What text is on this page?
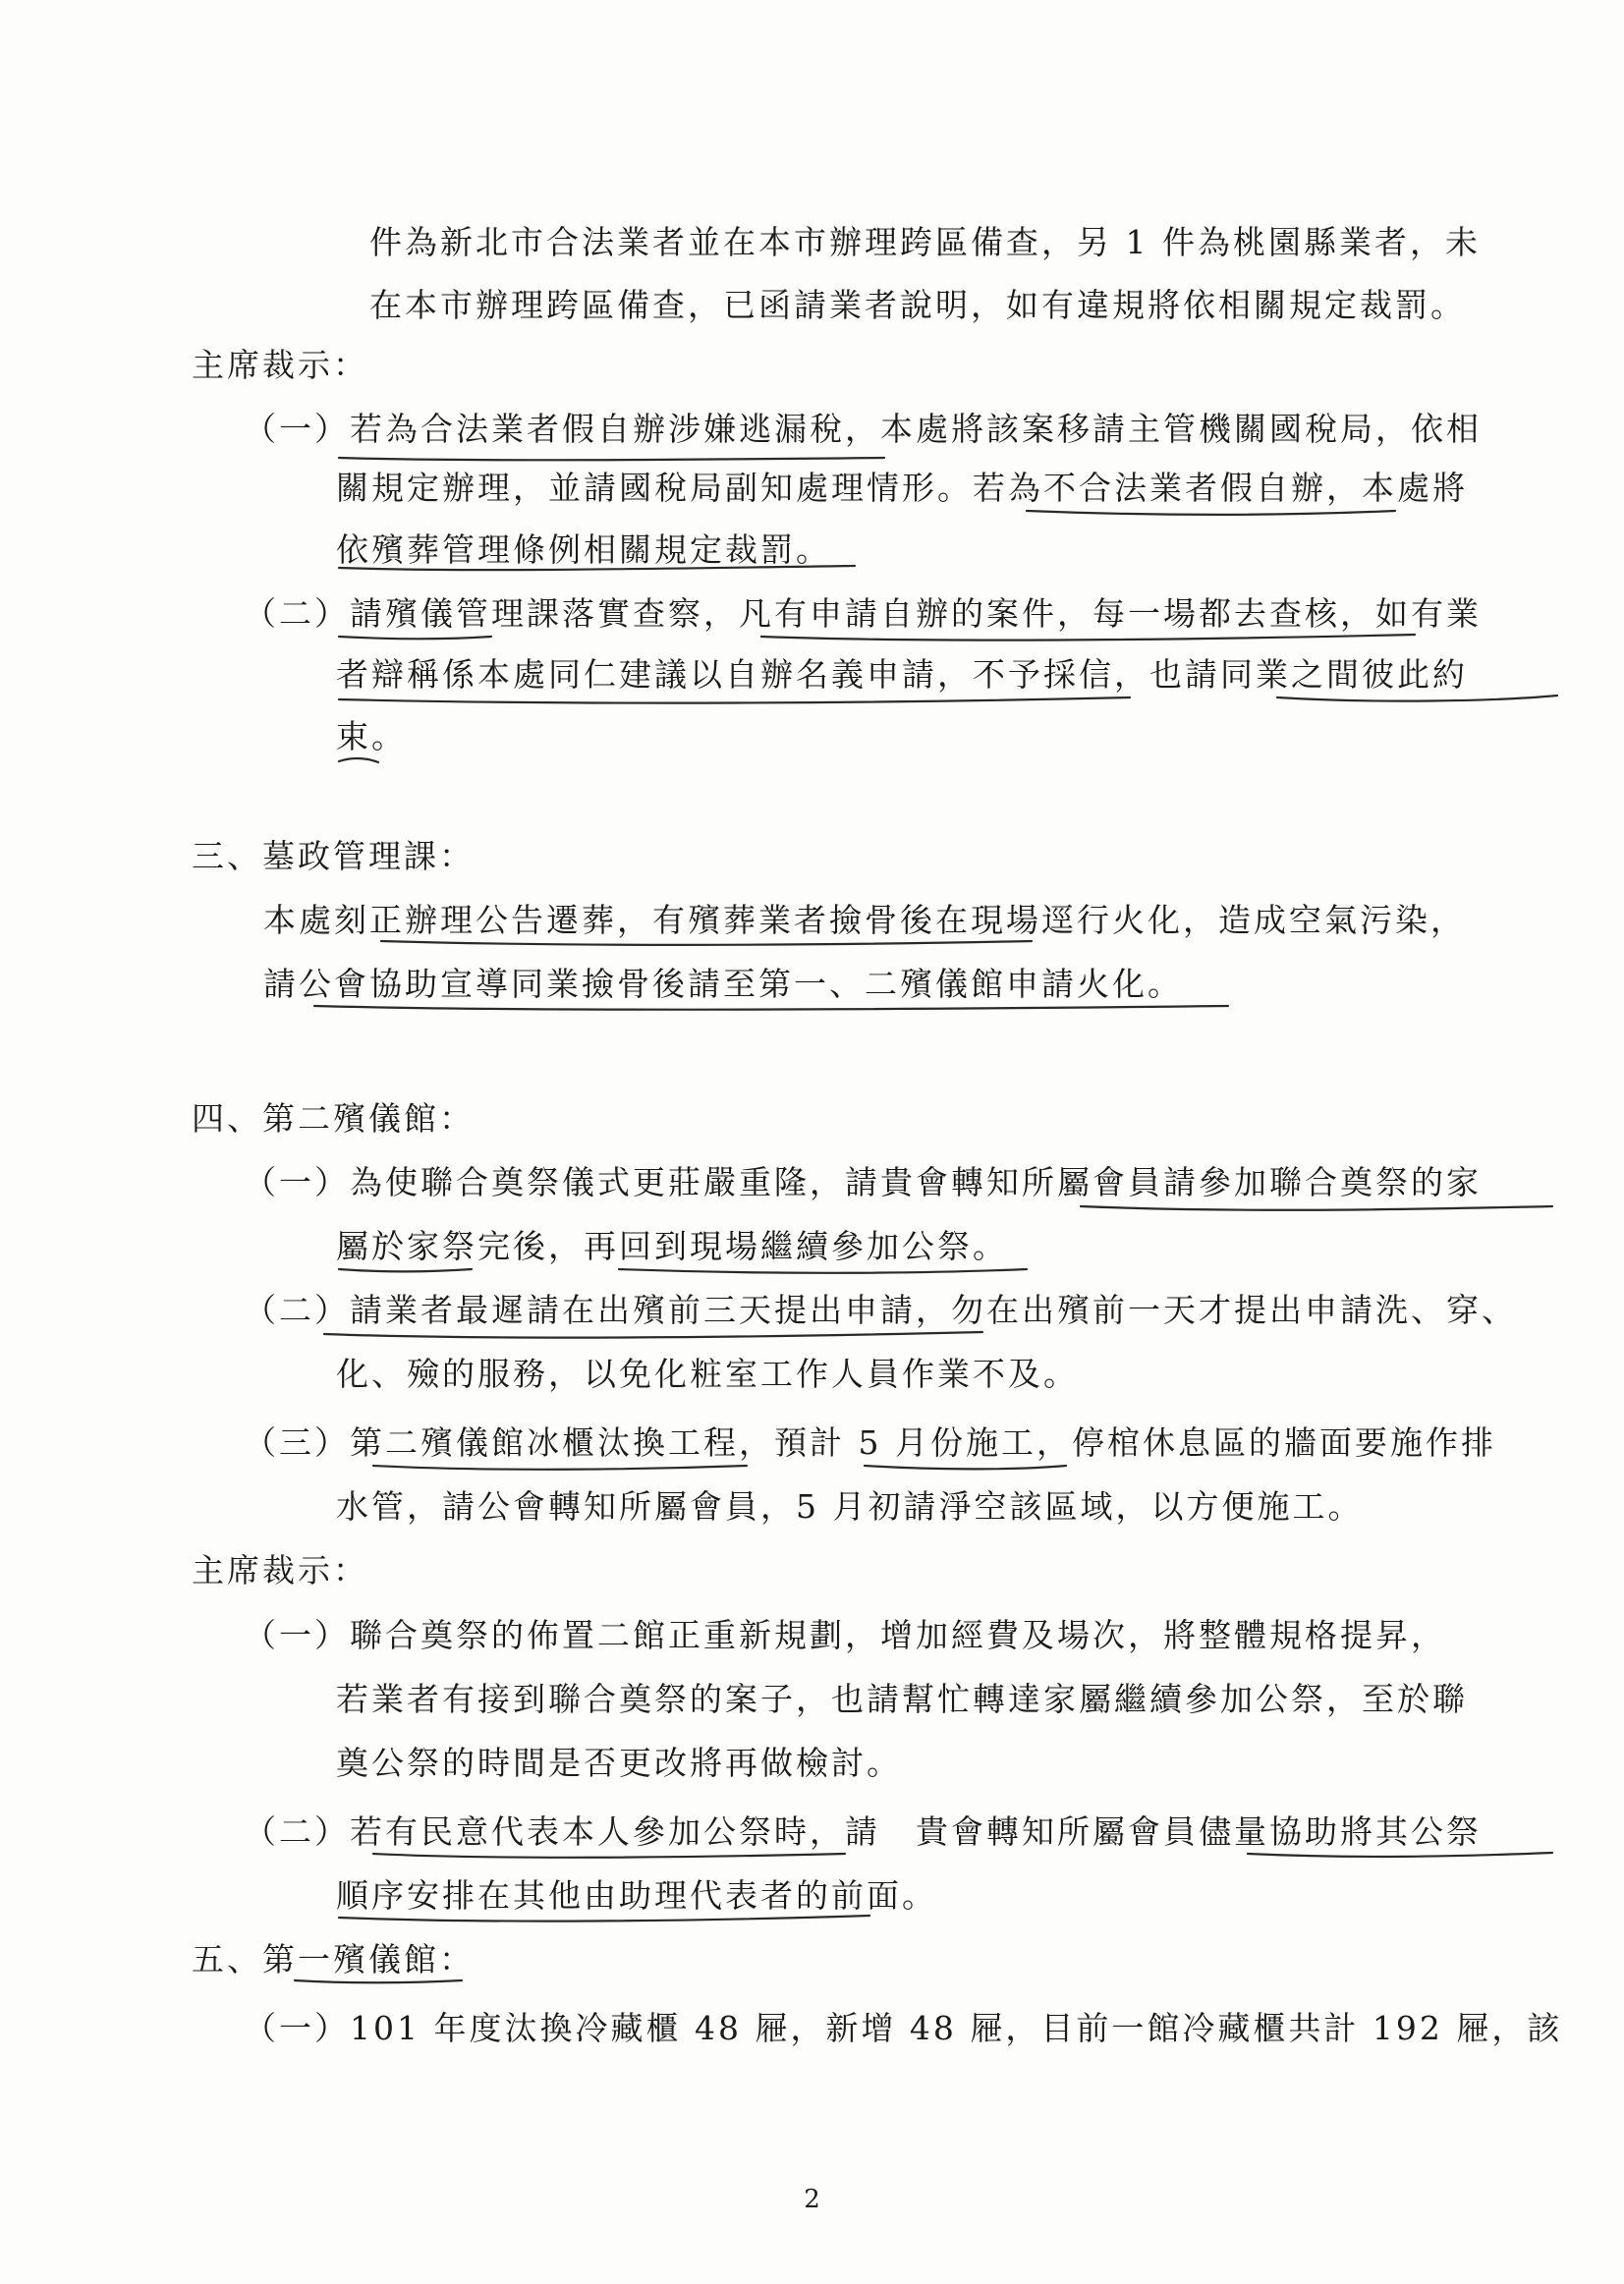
件為新北市合法業者並在本市辦理跨區備查，另 1 件為桃園縣業者，未
在本市辦理跨區備查，已函請業者說明，如有違規將依相關規定裁罰。
主席裁示：
（一）若為合法業者假自辦涉嫌逃漏稅，本處將該案移請主管機關國稅局，依相
關規定辦理，並請國稅局副知處理情形。若為不合法業者假自辦，本處將
依殯葬管理條例相關規定裁罰。
（二）請殯儀管理課落實查察，凡有申請自辦的案件，每一場都去查核，如有業
者辯稱係本處同仁建議以自辦名義申請，不予採信，也請同業之間彼此約
束。
三、墓政管理課：
本處刻正辦理公告遷葬，有殯葬業者撿骨後在現場逕行火化，造成空氣污染，
請公會協助宣導同業撿骨後請至第一、二殯儀館申請火化。
四、第二殯儀館：
（一）為使聯合奠祭儀式更莊嚴重隆，請貴會轉知所屬會員請參加聯合奠祭的家
屬於家祭完後，再回到現場繼續參加公祭。
（二）請業者最遲請在出殯前三天提出申請，勿在出殯前一天才提出申請洗、穿、
化、殮的服務，以免化粧室工作人員作業不及。
（三）第二殯儀館冰櫃汰換工程，預計 5 月份施工，停棺休息區的牆面要施作排
水管，請公會轉知所屬會員，5 月初請淨空該區域，以方便施工。
主席裁示：
（一）聯合奠祭的佈置二館正重新規劃，增加經費及場次，將整體規格提昇，
若業者有接到聯合奠祭的案子，也請幫忙轉達家屬繼續參加公祭，至於聯
奠公祭的時間是否更改將再做檢討。
（二）若有民意代表本人參加公祭時，請　貴會轉知所屬會員儘量協助將其公祭
順序安排在其他由助理代表者的前面。
五、第一殯儀館：
（一）101 年度汰換冷藏櫃 48 屜，新增 48 屜，目前一館冷藏櫃共計 192 屜，該
2
